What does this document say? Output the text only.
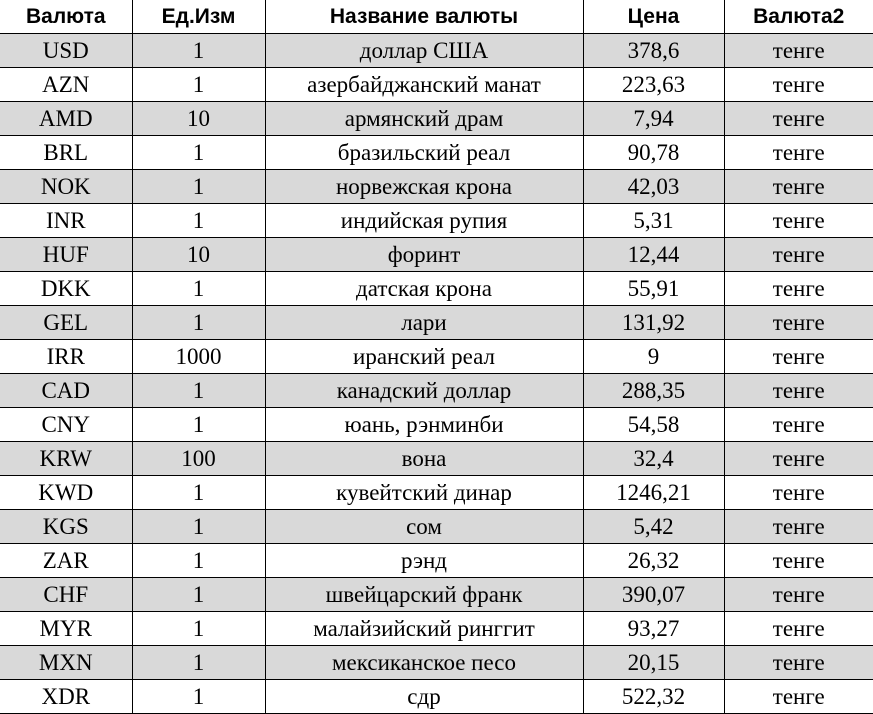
Валюта	Ед.Изм	Название валюты	Цена	Валюта2
USD	1	доллар США	378,6	тенге
AZN	1	азербайджанский манат	223,63	тенге
AMD	10	армянский драм	7,94	тенге
BRL	1	бразильский реал	90,78	тенге
NOK	1	норвежская крона	42,03	тенге
INR	1	индийская рупия	5,31	тенге
HUF	10	форинт	12,44	тенге
DKK	1	датская крона	55,91	тенге
GEL	1	лари	131,92	тенге
IRR	1000	иранский реал	9	тенге
CAD	1	канадский доллар	288,35	тенге
CNY	1	юань, рэнминби	54,58	тенге
KRW	100	вона	32,4	тенге
KWD	1	кувейтский динар	1246,21	тенге
KGS	1	сом	5,42	тенге
ZAR	1	рэнд	26,32	тенге
CHF	1	швейцарский франк	390,07	тенге
MYR	1	малайзийский ринггит	93,27	тенге
MXN	1	мексиканское песо	20,15	тенге
XDR	1	сдр	522,32	тенге
